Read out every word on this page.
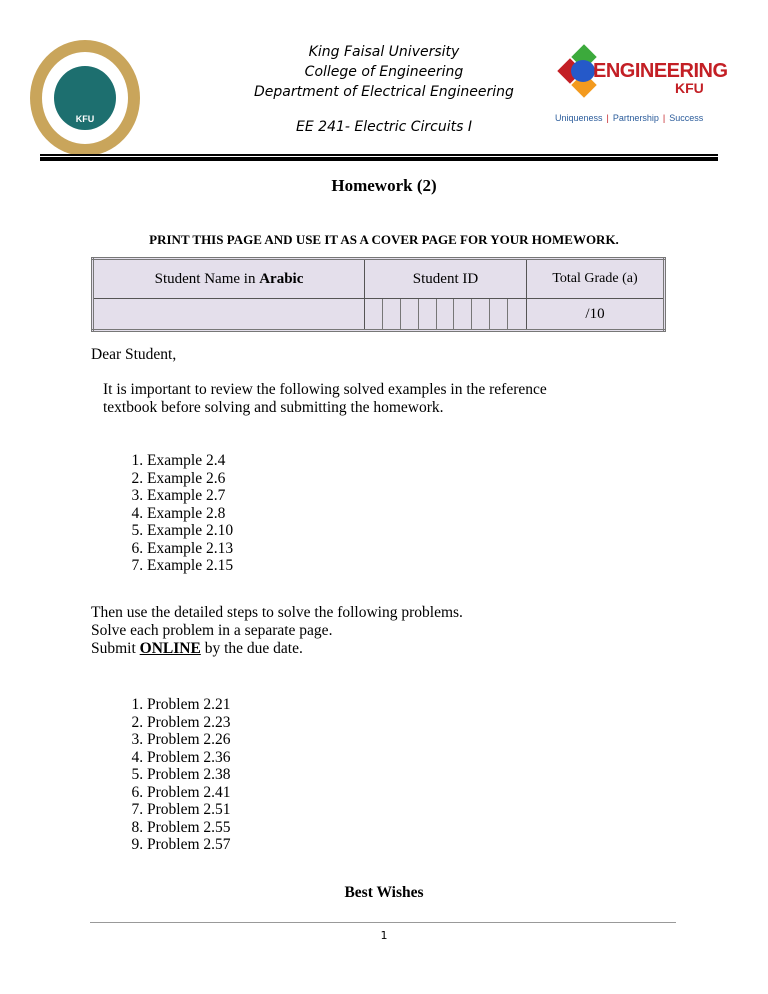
KFU
King Faisal University
College of Engineering
Department of Electrical Engineering
EE 241- Electric Circuits I
ENGINEERING
KFU
Uniqueness | Partnership | Success
Homework (2)
PRINT THIS PAGE AND USE IT AS A COVER PAGE FOR YOUR HOMEWORK.
Student Name in Arabic	Student ID	Total Grade (a)
		/10
Dear Student,
It is important to review the following solved examples in the reference
textbook before solving and submitting the homework.
1. Example 2.4
2. Example 2.6
3. Example 2.7
4. Example 2.8
5. Example 2.10
6. Example 2.13
7. Example 2.15
Then use the detailed steps to solve the following problems.
Solve each problem in a separate page.
Submit ONLINE by the due date.
1. Problem 2.21
2. Problem 2.23
3. Problem 2.26
4. Problem 2.36
5. Problem 2.38
6. Problem 2.41
7. Problem 2.51
8. Problem 2.55
9. Problem 2.57
Best Wishes
1
